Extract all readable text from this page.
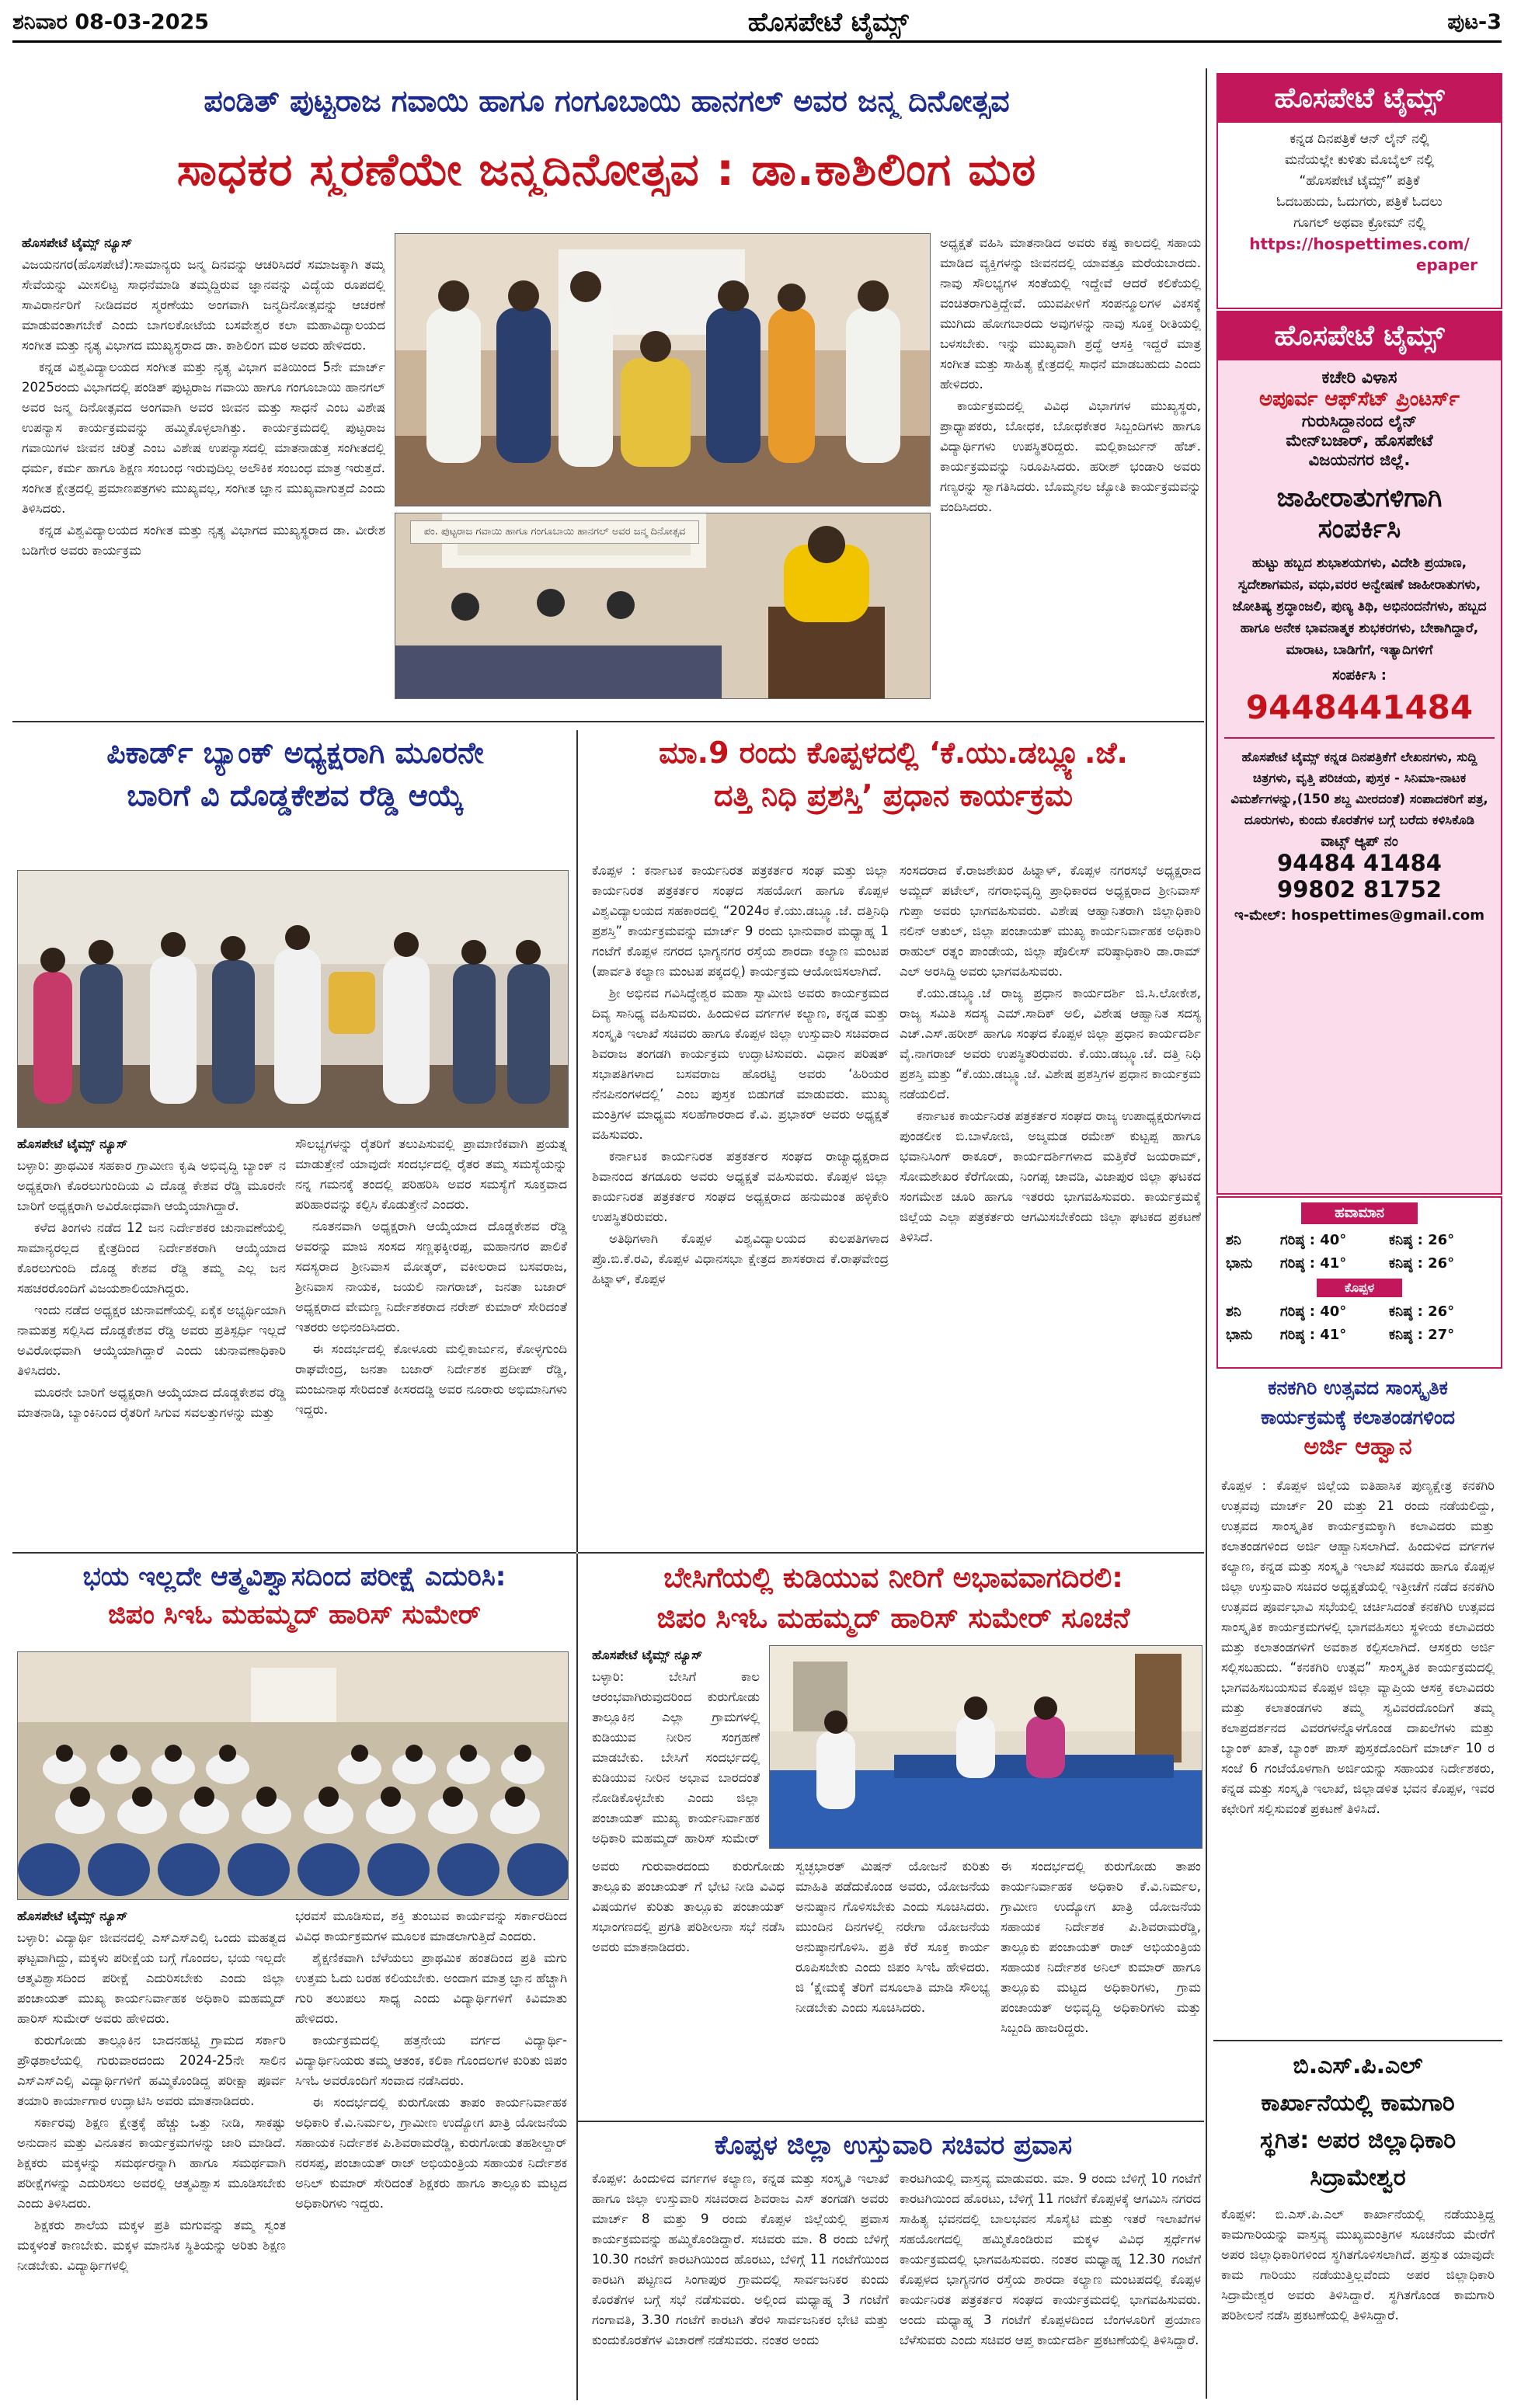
ಶನಿವಾರ 08-03-2025	ಹೊಸಪೇಟೆ ಟೈಮ್ಸ್	ಪುಟ-3
ಪಂಡಿತ್ ಪುಟ್ಟರಾಜ ಗವಾಯಿ ಹಾಗೂ ಗಂಗೂಬಾಯಿ ಹಾನಗಲ್ ಅವರ ಜನ್ಮ ದಿನೋತ್ಸವ
ಸಾಧಕರ ಸ್ಮರಣೆಯೇ ಜನ್ಮದಿನೋತ್ಸವ : ಡಾ.ಕಾಶಿಲಿಂಗ ಮಠ

ಹೊಸಪೇಟೆ ಟೈಮ್ಸ್ ನ್ಯೂಸ್

ವಿಜಯನಗರ(ಹೊಸಪೇಟೆ):ಸಾಮಾನ್ಯರು ಜನ್ಮ ದಿನವನ್ನು ಆಚರಿಸಿದರೆ ಸಮಾಜಕ್ಕಾಗಿ ತಮ್ಮ ಸೇವೆಯನ್ನು ಮೀಸಲಿಟ್ಟ ಸಾಧನೆಮಾಡಿ ತಮ್ಮದ್ದಿರುವ ಜ್ಞಾನವನ್ನು ವಿದ್ಯೆಯ ರೂಪದಲ್ಲಿ ಸಾವಿರಾರ್ನರಿಗೆ ನೀಡಿದವರ ಸ್ಮರಣೆಯು ಅಂಗವಾಗಿ ಜನ್ಮದಿನೋತ್ಸವನ್ನು ಆಚರಣೆ ಮಾಡುವಂತಾಗಬೇಕೆ ಎಂದು ಬಾಗಲಕೋಟೆಯ ಬಸವೇಶ್ವರ ಕಲಾ ಮಹಾವಿದ್ಯಾಲಯದ ಸಂಗೀತ ಮತ್ತು ನೃತ್ಯ ವಿಭಾಗದ ಮುಖ್ಯಸ್ಥರಾದ ಡಾ. ಕಾಶಿಲಿಂಗ ಮಠ ಅವರು ಹೇಳಿದರು.

ಕನ್ನಡ ವಿಶ್ವವಿದ್ಯಾಲಯದ ಸಂಗೀತ ಮತ್ತು ನೃತ್ಯ ವಿಭಾಗ ವತಿಯಿಂದ 5ನೇ ಮಾರ್ಚ್ 2025ರಂದು ವಿಭಾಗದಲ್ಲಿ ಪಂಡಿತ್ ಪುಟ್ಟರಾಜ ಗವಾಯಿ ಹಾಗೂ ಗಂಗೂಬಾಯಿ ಹಾನಗಲ್ ಅವರ ಜನ್ಮ ದಿನೋತ್ಸವದ ಅಂಗವಾಗಿ ಅವರ ಜೀವನ ಮತ್ತು ಸಾಧನೆ ಎಂಬ ವಿಶೇಷ ಉಪನ್ಯಾಸ ಕಾರ್ಯಕ್ರಮವನ್ನು ಹಮ್ಮಿಕೊಳ್ಳಲಾಗಿತ್ತು. ಕಾರ್ಯಕ್ರಮದಲ್ಲಿ ಪುಟ್ಟರಾಜ ಗವಾಯಿಗಳ ಜೀವನ ಚರಿತ್ರೆ ಎಂಬ ವಿಶೇಷ ಉಪನ್ಯಾಸದಲ್ಲಿ ಮಾತನಾಡುತ್ತ ಸಂಗೀತದಲ್ಲಿ ಧರ್ಮ, ಕರ್ಮ ಹಾಗೂ ಶಿಕ್ಷಣ ಸಂಬಂಧ ಇರುವುದಿಲ್ಲ ಅಲೌಕಿಕ ಸಂಬಂಧ ಮಾತ್ರ ಇರುತ್ತದೆ. ಸಂಗೀತ ಕ್ಷೇತ್ರದಲ್ಲಿ ಪ್ರಮಾಣಪತ್ರಗಳು ಮುಖ್ಯವಲ್ಲ, ಸಂಗೀತ ಜ್ಞಾನ ಮುಖ್ಯವಾಗುತ್ತದೆ ಎಂದು ತಿಳಿಸಿದರು.

ಕನ್ನಡ ವಿಶ್ವವಿದ್ಯಾಲಯದ ಸಂಗೀತ ಮತ್ತು ನೃತ್ಯ ವಿಭಾಗದ ಮುಖ್ಯಸ್ಥರಾದ ಡಾ. ವೀರೇಶ ಬಡಿಗೇರ ಅವರು ಕಾರ್ಯಕ್ರಮ

ಪಂ. ಪುಟ್ಟರಾಜ ಗವಾಯಿ ಹಾಗೂ ಗಂಗೂಬಾಯಿ ಹಾನಗಲ್ ಅವರ ಜನ್ಮ ದಿನೋತ್ಸವ

ಅಧ್ಯಕ್ಷತೆ ವಹಿಸಿ ಮಾತನಾಡಿದ ಅವರು ಕಷ್ಟ ಕಾಲದಲ್ಲಿ ಸಹಾಯ ಮಾಡಿದ ವ್ಯಕ್ತಿಗಳನ್ನು ಜೀವನದಲ್ಲಿ ಯಾವತ್ತೂ ಮರೆಯಬಾರದು. ನಾವು ಸೌಲಭ್ಯಗಳ ಸಂತೆಯಲ್ಲಿ ಇದ್ದೇವೆ ಆದರೆ ಕಲಿಕೆಯಲ್ಲಿ ವಂಚಿತರಾಗುತ್ತಿದ್ದೇವೆ. ಯುವಪೀಳಿಗೆ ಸಂಪನ್ಮೂಲಗಳ ವಿಕಸಕ್ಕೆ ಮುಗಿದು ಹೋಗಬಾರದು ಅವುಗಳನ್ನು ನಾವು ಸೂಕ್ತ ರೀತಿಯಲ್ಲಿ ಬಳಸಬೇಕು. ಇನ್ನು ಮುಖ್ಯವಾಗಿ ಶ್ರದ್ಧೆ ಆಸಕ್ತಿ ಇದ್ದರೆ ಮಾತ್ರ ಸಂಗೀತ ಮತ್ತು ಸಾಹಿತ್ಯ ಕ್ಷೇತ್ರದಲ್ಲಿ ಸಾಧನೆ ಮಾಡಬಹುದು ಎಂದು ಹೇಳಿದರು.

ಕಾರ್ಯಕ್ರಮದಲ್ಲಿ ವಿವಿಧ ವಿಭಾಗಗಳ ಮುಖ್ಯಸ್ಥರು, ಪ್ರಾಧ್ಯಾಪಕರು, ಬೋಧಕ, ಬೋಧಕೇತರ ಸಿಬ್ಬಂದಿಗಳು ಹಾಗೂ ವಿದ್ಯಾರ್ಥಿಗಳು ಉಪಸ್ಥಿತರಿದ್ದರು. ಮಲ್ಲಿಕಾರ್ಜುನ್ ಹೆಚ್. ಕಾರ್ಯಕ್ರಮವನ್ನು ನಿರೂಪಿಸಿದರು. ಹರೀಶ್ ಭಂಡಾರಿ ಅವರು ಗಣ್ಯರನ್ನು ಸ್ವಾಗತಿಸಿದರು. ಬೊಮ್ಮನಲ ಜ್ಯೋತಿ ಕಾರ್ಯಕ್ರಮವನ್ನು ವಂದಿಸಿದರು.

ಪಿಕಾರ್ಡ್ ಬ್ಯಾಂಕ್ ಅಧ್ಯಕ್ಷರಾಗಿ ಮೂರನೇ
ಬಾರಿಗೆ ವಿ ದೊಡ್ಡಕೇಶವ ರೆಡ್ಡಿ ಆಯ್ಕೆ

ಹೊಸಪೇಟೆ ಟೈಮ್ಸ್ ನ್ಯೂಸ್

ಬಳ್ಳಾರಿ: ಪ್ರಾಥಮಿಕ ಸಹಕಾರ ಗ್ರಾಮೀಣ ಕೃಷಿ ಅಭಿವೃದ್ಧಿ ಬ್ಯಾಂಕ್ ನ ಅಧ್ಯಕ್ಷರಾಗಿ ಕೊರಲುಗುಂದಿಯ ವಿ ದೊಡ್ಡ ಕೇಶವ ರೆಡ್ಡಿ ಮೂರನೇ ಬಾರಿಗೆ ಅಧ್ಯಕ್ಷರಾಗಿ ಅವಿರೋಧವಾಗಿ ಆಯ್ಕೆಯಾಗಿದ್ದಾರೆ.

ಕಳೆದ ತಿಂಗಳು ನಡೆದ 12 ಜನ ನಿರ್ದೇಶಕರ ಚುನಾವಣೆಯಲ್ಲಿ ಸಾಮಾನ್ಯರಲ್ಲದ ಕ್ಷೇತ್ರದಿಂದ ನಿರ್ದೇಶಕರಾಗಿ ಆಯ್ಕೆಯಾದ ಕೊರಲುಗುಂದಿ ದೊಡ್ಡ ಕೇಶವ ರೆಡ್ಡಿ ತಮ್ಮ ಎಲ್ಲ ಜನ ಸಹಚರರೊಂದಿಗೆ ವಿಜಯಶಾಲಿಯಾಗಿದ್ದರು.

ಇಂದು ನಡೆದ ಅಧ್ಯಕ್ಷರ ಚುನಾವಣೆಯಲ್ಲಿ ಏಕೈಕ ಅಭ್ಯರ್ಥಿಯಾಗಿ ನಾಮಪತ್ರ ಸಲ್ಲಿಸಿದ ದೊಡ್ಡಕೇಶವ ರೆಡ್ಡಿ ಅವರು ಪ್ರತಿಸ್ಪರ್ಧಿ ಇಲ್ಲದೆ ಅವಿರೋಧವಾಗಿ ಆಯ್ಕೆಯಾಗಿದ್ದಾರೆ ಎಂದು ಚುನಾವಣಾಧಿಕಾರಿ ತಿಳಿಸಿದರು.

ಮೂರನೇ ಬಾರಿಗೆ ಅಧ್ಯಕ್ಷರಾಗಿ ಆಯ್ಕೆಯಾದ ದೊಡ್ಡಕೇಶವ ರೆಡ್ಡಿ ಮಾತನಾಡಿ, ಬ್ಯಾಂಕಿನಿಂದ ರೈತರಿಗೆ ಸಿಗುವ ಸವಲತ್ತುಗಳನ್ನು ಮತ್ತು

ಸೌಲಭ್ಯಗಳನ್ನು ರೈತರಿಗೆ ತಲುಪಿಸುವಲ್ಲಿ ಪ್ರಾಮಾಣಿಕವಾಗಿ ಪ್ರಯತ್ನ ಮಾಡುತ್ತೇನೆ ಯಾವುದೇ ಸಂದರ್ಭದಲ್ಲಿ ರೈತರ ತಮ್ಮ ಸಮಸ್ಯೆಯನ್ನು ನನ್ನ ಗಮನಕ್ಕೆ ತಂದಲ್ಲಿ ಪರಿಹರಿಸಿ ಅವರ ಸಮಸ್ಯೆಗೆ ಸೂಕ್ತವಾದ ಪರಿಹಾರವನ್ನು ಕಲ್ಪಿಸಿ ಕೊಡುತ್ತೇನೆ ಎಂದರು.

ನೂತನವಾಗಿ ಅಧ್ಯಕ್ಷರಾಗಿ ಆಯ್ಕೆಯಾದ ದೊಡ್ಡಕೇಶವ ರೆಡ್ಡಿ ಅವರನ್ನು ಮಾಜಿ ಸಂಸದ ಸಣ್ಣಫಕ್ಕೀರಪ್ಪ, ಮಹಾನಗರ ಪಾಲಿಕೆ ಸದಸ್ಯರಾದ ಶ್ರೀನಿವಾಸ ಮೋತ್ಕರ್, ವಕೀಲರಾದ ಬಸವರಾಜ, ಶ್ರೀನಿವಾಸ ನಾಯಕ, ಜಯಲಿ ನಾಗರಾಜ್, ಜನತಾ ಬಜಾರ್ ಅಧ್ಯಕ್ಷರಾದ ವೇಮಣ್ಣ ನಿರ್ದೇಶಕರಾದ ನರೇಶ್ ಕುಮಾರ್ ಸೇರಿದಂತೆ ಇತರರು ಅಭಿನಂದಿಸಿದರು.

ಈ ಸಂದರ್ಭದಲ್ಲಿ ಕೋಳೂರು ಮಲ್ಲಿಕಾರ್ಜುನ, ಕೋಳ್ಳಗುಂದಿ ರಾಘವೇಂದ್ರ, ಜನತಾ ಬಜಾರ್ ನಿರ್ದೇಶಕ ಪ್ರದೀಪ್ ರೆಡ್ಡಿ, ಮಂಜುನಾಥ ಸೇರಿದಂತೆ ಕೀಸರದಡ್ಡಿ ಅವರ ನೂರಾರು ಅಭಿಮಾನಿಗಳು ಇದ್ದರು.

ಮಾ.9 ರಂದು ಕೊಪ್ಪಳದಲ್ಲಿ ‘ಕೆ.ಯು.ಡಬ್ಲ್ಯೂ.ಜೆ.
ದತ್ತಿ ನಿಧಿ ಪ್ರಶಸ್ತಿ’ ಪ್ರಧಾನ ಕಾರ್ಯಕ್ರಮ

ಕೊಪ್ಪಳ : ಕರ್ನಾಟಕ ಕಾರ್ಯನಿರತ ಪತ್ರಕರ್ತರ ಸಂಘ ಮತ್ತು ಜಿಲ್ಲಾ ಕಾರ್ಯನಿರತ ಪತ್ರಕರ್ತರ ಸಂಘದ ಸಹಯೋಗ ಹಾಗೂ ಕೊಪ್ಪಳ ವಿಶ್ವವಿದ್ಯಾಲಯದ ಸಹಕಾರದಲ್ಲಿ “2024ರ ಕೆ.ಯು.ಡಬ್ಲ್ಯೂ.ಜೆ. ದತ್ತಿನಿಧಿ ಪ್ರಶಸ್ತಿ” ಕಾರ್ಯಕ್ರಮವನ್ನು ಮಾರ್ಚ್ 9 ರಂದು ಭಾನುವಾರ ಮಧ್ಯಾಹ್ನ 1 ಗಂಟೆಗೆ ಕೊಪ್ಪಳ ನಗರದ ಭಾಗ್ಯನಗರ ರಸ್ತೆಯ ಶಾರದಾ ಕಲ್ಯಾಣ ಮಂಟಪ (ಪಾರ್ವತಿ ಕಲ್ಯಾಣ ಮಂಟಪ ಪಕ್ಕದಲ್ಲಿ) ಕಾರ್ಯಕ್ರಮ ಆಯೋಜಿಸಲಾಗಿದೆ.

ಶ್ರೀ ಅಭಿನವ ಗವಿಸಿದ್ಧೇಶ್ವರ ಮಹಾ ಸ್ವಾಮೀಜಿ ಅವರು ಕಾರ್ಯಕ್ರಮದ ದಿವ್ಯ ಸಾನಿಧ್ಯ ವಹಿಸುವರು. ಹಿಂದುಳಿದ ವರ್ಗಗಳ ಕಲ್ಯಾಣ, ಕನ್ನಡ ಮತ್ತು ಸಂಸ್ಕೃತಿ ಇಲಾಖೆ ಸಚಿವರು ಹಾಗೂ ಕೊಪ್ಪಳ ಜಿಲ್ಲಾ ಉಸ್ತುವಾರಿ ಸಚಿವರಾದ ಶಿವರಾಜ ತಂಗಡಗಿ ಕಾರ್ಯಕ್ರಮ ಉದ್ಘಾಟಿಸುವರು. ವಿಧಾನ ಪರಿಷತ್ ಸಭಾಪತಿಗಳಾದ ಬಸವರಾಜ ಹೊರಟ್ಟಿ ಅವರು ‘ಹಿರಿಯರ ನೆನಪಿನಂಗಳದಲ್ಲಿ’ ಎಂಬ ಪುಸ್ತಕ ಬಿಡುಗಡೆ ಮಾಡುವರು. ಮುಖ್ಯ ಮಂತ್ರಿಗಳ ಮಾಧ್ಯಮ ಸಲಹೆಗಾರರಾದ ಕೆ.ವಿ. ಪ್ರಭಾಕರ್ ಅವರು ಅಧ್ಯಕ್ಷತೆ ವಹಿಸುವರು.

ಕರ್ನಾಟಕ ಕಾರ್ಯನಿರತ ಪತ್ರಕರ್ತರ ಸಂಘದ ರಾಜ್ಯಾಧ್ಯಕ್ಷರಾದ ಶಿವಾನಂದ ತಗಡೂರು ಅವರು ಅಧ್ಯಕ್ಷತೆ ವಹಿಸುವರು. ಕೊಪ್ಪಳ ಜಿಲ್ಲಾ ಕಾರ್ಯನಿರತ ಪತ್ರಕರ್ತರ ಸಂಘದ ಅಧ್ಯಕ್ಷರಾದ ಹನುಮಂತ ಹಳ್ಳಿಕೇರಿ ಉಪಸ್ಥಿತರಿರುವರು.

ಅತಿಥಿಗಳಾಗಿ ಕೊಪ್ಪಳ ವಿಶ್ವವಿದ್ಯಾಲಯದ ಕುಲಪತಿಗಳಾದ ಪ್ರೊ.ಬಿ.ಕೆ.ರವಿ, ಕೊಪ್ಪಳ ವಿಧಾನಸಭಾ ಕ್ಷೇತ್ರದ ಶಾಸಕರಾದ ಕೆ.ರಾಘವೇಂದ್ರ ಹಿಟ್ನಾಳ್, ಕೊಪ್ಪಳ

ಸಂಸದರಾದ ಕೆ.ರಾಜಶೇಖರ ಹಿಟ್ನಾಳ್, ಕೊಪ್ಪಳ ನಗರಸಭೆ ಅಧ್ಯಕ್ಷರಾದ ಅಮ್ಜದ್ ಪಟೇಲ್, ನಗರಾಭಿವೃದ್ಧಿ ಪ್ರಾಧಿಕಾರದ ಅಧ್ಯಕ್ಷರಾದ ಶ್ರೀನಿವಾಸ್ ಗುಪ್ತಾ ಅವರು ಭಾಗವಹಿಸುವರು. ವಿಶೇಷ ಆಹ್ವಾನಿತರಾಗಿ ಜಿಲ್ಲಾಧಿಕಾರಿ ನಲಿನ್ ಅತುಲ್, ಜಿಲ್ಲಾ ಪಂಚಾಯತ್ ಮುಖ್ಯ ಕಾರ್ಯನಿರ್ವಾಹಕ ಅಧಿಕಾರಿ ರಾಹುಲ್ ರತ್ನಂ ಪಾಂಡೇಯ, ಜಿಲ್ಲಾ ಪೊಲೀಸ್ ವರಿಷ್ಠಾಧಿಕಾರಿ ಡಾ.ರಾಮ್ ಎಲ್ ಅರಸಿದ್ದಿ ಅವರು ಭಾಗವಹಿಸುವರು.

ಕೆ.ಯು.ಡಬ್ಲ್ಯೂ.ಜೆ ರಾಜ್ಯ ಪ್ರಧಾನ ಕಾರ್ಯದರ್ಶಿ ಜಿ.ಸಿ.ಲೋಕೇಶ, ರಾಜ್ಯ ಸಮಿತಿ ಸದಸ್ಯ ಎಮ್.ಸಾದಿಕ್ ಅಲಿ, ವಿಶೇಷ ಆಹ್ವಾನಿತ ಸದಸ್ಯ ಎಚ್.ಎಸ್.ಹರೀಶ್ ಹಾಗೂ ಸಂಘದ ಕೊಪ್ಪಳ ಜಿಲ್ಲಾ ಪ್ರಧಾನ ಕಾರ್ಯದರ್ಶಿ ವೈ.ನಾಗರಾಜ್ ಅವರು ಉಪಸ್ಥಿತರಿರುವರು. ಕೆ.ಯು.ಡಬ್ಲ್ಯೂ.ಜೆ. ದತ್ತಿ ನಿಧಿ ಪ್ರಶಸ್ತಿ ಮತ್ತು “ಕೆ.ಯು.ಡಬ್ಲ್ಯೂ.ಜೆ. ವಿಶೇಷ ಪ್ರಶಸ್ತಿಗಳ ಪ್ರಧಾನ ಕಾರ್ಯಕ್ರಮ ನಡೆಯಲಿದೆ.

ಕರ್ನಾಟಕ ಕಾರ್ಯನಿರತ ಪತ್ರಕರ್ತರ ಸಂಘದ ರಾಜ್ಯ ಉಪಾಧ್ಯಕ್ಷರುಗಳಾದ ಪುಂಡಲೀಕ ಬಿ.ಬಾಳೋಜಿ, ಅಜ್ಮಮಡ ರಮೇಶ್ ಕುಟ್ಟಪ್ಪ ಹಾಗೂ ಭವಾನಿಸಿಂಗ್ ಠಾಕೂರ್, ಕಾರ್ಯದರ್ಶಿಗಳಾದ ಮತ್ತಿಕೆರೆ ಜಯರಾಮ್, ಸೋಮಶೇಖರ ಕೆರೆಗೋಡು, ನಿಂಗಪ್ಪ ಚಾವಡಿ, ವಿಜಾಪುರ ಜಿಲ್ಲಾ ಘಟಕದ ಸಂಗಮೇಶ ಚೂರಿ ಹಾಗೂ ಇತರರು ಭಾಗವಹಿಸುವರು. ಕಾರ್ಯಕ್ರಮಕ್ಕೆ ಜಿಲ್ಲೆಯ ಎಲ್ಲಾ ಪತ್ರಕರ್ತರು ಆಗಮಿಸಬೇಕೆಂದು ಜಿಲ್ಲಾ ಘಟಕದ ಪ್ರಕಟಣೆ ತಿಳಿಸಿದೆ.

ಭಯ ಇಲ್ಲದೇ ಆತ್ಮವಿಶ್ವಾಸದಿಂದ ಪರೀಕ್ಷೆ ಎದುರಿಸಿ:
ಜಿಪಂ ಸಿಇಓ ಮಹಮ್ಮದ್ ಹಾರಿಸ್ ಸುಮೇರ್

ಹೊಸಪೇಟೆ ಟೈಮ್ಸ್ ನ್ಯೂಸ್

ಬಳ್ಳಾರಿ: ವಿದ್ಯಾರ್ಥಿ ಜೀವನದಲ್ಲಿ ಎಸ್ಎಸ್ಎಲ್ಸಿ ಒಂದು ಮಹತ್ವದ ಘಟ್ಟವಾಗಿದ್ದು, ಮಕ್ಕಳು ಪರೀಕ್ಷೆಯ ಬಗ್ಗೆ ಗೊಂದಲ, ಭಯ ಇಲ್ಲದೇ ಆತ್ಮವಿಶ್ವಾಸದಿಂದ ಪರೀಕ್ಷೆ ಎದುರಿಸಬೇಕು ಎಂದು ಜಿಲ್ಲಾ ಪಂಚಾಯತ್ ಮುಖ್ಯ ಕಾರ್ಯನಿರ್ವಾಹಕ ಅಧಿಕಾರಿ ಮಹಮ್ಮದ್ ಹಾರಿಸ್ ಸುಮೇರ್ ಅವರು ಹೇಳಿದರು.

ಕುರುಗೋಡು ತಾಲ್ಲೂಕಿನ ಬಾದನಹಟ್ಟಿ ಗ್ರಾಮದ ಸರ್ಕಾರಿ ಪ್ರೌಢಶಾಲೆಯಲ್ಲಿ ಗುರುವಾರದಂದು 2024-25ನೇ ಸಾಲಿನ ಎಸ್ಎಸ್ಎಲ್ಸಿ ವಿದ್ಯಾರ್ಥಿಗಳಿಗೆ ಹಮ್ಮಿಕೊಂಡಿದ್ದ ಪರೀಕ್ಷಾ ಪೂರ್ವ ತಯಾರಿ ಕಾರ್ಯಾಗಾರ ಉದ್ಘಾಟಿಸಿ ಅವರು ಮಾತನಾಡಿದರು.

ಸರ್ಕಾರವು ಶಿಕ್ಷಣ ಕ್ಷೇತ್ರಕ್ಕೆ ಹೆಚ್ಚು ಒತ್ತು ನೀಡಿ, ಸಾಕಷ್ಟು ಅನುದಾನ ಮತ್ತು ವಿನೂತನ ಕಾರ್ಯಕ್ರಮಗಳನ್ನು ಜಾರಿ ಮಾಡಿದೆ. ಶಿಕ್ಷಕರು ಮಕ್ಕಳನ್ನು ಸಮರ್ಥರನ್ನಾಗಿ ಹಾಗೂ ಸಮರ್ಥವಾಗಿ ಪರೀಕ್ಷೆಗಳನ್ನು ಎದುರಿಸಲು ಅವರಲ್ಲಿ ಆತ್ಮವಿಶ್ವಾಸ ಮೂಡಿಸಬೇಕು ಎಂದು ತಿಳಿಸಿದರು.

ಶಿಕ್ಷಕರು ಶಾಲೆಯ ಮಕ್ಕಳ ಪ್ರತಿ ಮಗುವನ್ನು ತಮ್ಮ ಸ್ವಂತ ಮಕ್ಕಳಂತೆ ಕಾಣಬೇಕು. ಮಕ್ಕಳ ಮಾನಸಿಕ ಸ್ಥಿತಿಯನ್ನು ಅರಿತು ಶಿಕ್ಷಣ ನೀಡಬೇಕು. ವಿದ್ಯಾರ್ಥಿಗಳಲ್ಲಿ

ಭರವಸೆ ಮೂಡಿಸುವ, ಶಕ್ತಿ ತುಂಬುವ ಕಾರ್ಯವನ್ನು ಸರ್ಕಾರದಿಂದ ವಿವಿಧ ಕಾರ್ಯಕ್ರಮಗಳ ಮೂಲಕ ಮಾಡಲಾಗುತ್ತಿದೆ ಎಂದರು.

ಶೈಕ್ಷಣಿಕವಾಗಿ ಬೆಳೆಯಲು ಪ್ರಾಥಮಿಕ ಹಂತದಿಂದ ಪ್ರತಿ ಮಗು ಉತ್ತಮ ಓದು ಬರಹ ಕಲಿಯಬೇಕು. ಅಂದಾಗ ಮಾತ್ರ ಜ್ಞಾನ ಹೆಚ್ಚಾಗಿ ಗುರಿ ತಲುಪಲು ಸಾಧ್ಯ ಎಂದು ವಿದ್ಯಾರ್ಥಿಗಳಿಗೆ ಕಿವಿಮಾತು ಹೇಳಿದರು.

ಕಾರ್ಯಕ್ರಮದಲ್ಲಿ ಹತ್ತನೇಯ ವರ್ಗದ ವಿದ್ಯಾರ್ಥಿ-ವಿದ್ಯಾರ್ಥಿನಿಯರು ತಮ್ಮ ಆತಂಕ, ಕಲಿಕಾ ಗೊಂದಲಗಳ ಕುರಿತು ಜಿಪಂ ಸಿಇಓ ಅವರೊಂದಿಗೆ ಸಂವಾದ ನಡೆಸಿದರು.

ಈ ಸಂದರ್ಭದಲ್ಲಿ ಕುರುಗೋಡು ತಾಪಂ ಕಾರ್ಯನಿರ್ವಾಹಕ ಅಧಿಕಾರಿ ಕೆ.ವಿ.ನಿರ್ಮಲ, ಗ್ರಾಮೀಣ ಉದ್ಯೋಗ ಖಾತ್ರಿ ಯೋಜನೆಯ ಸಹಾಯಕ ನಿರ್ದೇಶಕ ಪಿ.ಶಿವರಾಮರೆಡ್ಡಿ, ಕುರುಗೋಡು ತಹಶೀಲ್ದಾರ್ ನರಸಪ್ಪ, ಪಂಚಾಯತ್ ರಾಜ್ ಅಭಿಯಂತ್ರಿಯ ಸಹಾಯಕ ನಿರ್ದೇಶಕ ಅನಿಲ್ ಕುಮಾರ್ ಸೇರಿದಂತೆ ಶಿಕ್ಷಕರು ಹಾಗೂ ತಾಲ್ಲೂಕು ಮಟ್ಟದ ಅಧಿಕಾರಿಗಳು ಇದ್ದರು.

ಬೇಸಿಗೆಯಲ್ಲಿ ಕುಡಿಯುವ ನೀರಿಗೆ ಅಭಾವವಾಗದಿರಲಿ:
ಜಿಪಂ ಸಿಇಓ ಮಹಮ್ಮದ್ ಹಾರಿಸ್ ಸುಮೇರ್ ಸೂಚನೆ

ಹೊಸಪೇಟೆ ಟೈಮ್ಸ್ ನ್ಯೂಸ್

ಬಳ್ಳಾರಿ: ಬೇಸಿಗೆ ಕಾಲ ಆರಂಭವಾಗಿರುವುದರಿಂದ ಕುರುಗೋಡು ತಾಲ್ಲೂಕಿನ ಎಲ್ಲಾ ಗ್ರಾಮಗಳಲ್ಲಿ ಕುಡಿಯುವ ನೀರಿನ ಸಂಗ್ರಹಣೆ ಮಾಡಬೇಕು. ಬೇಸಿಗೆ ಸಂದರ್ಭದಲ್ಲಿ ಕುಡಿಯುವ ನೀರಿನ ಅಭಾವ ಬಾರದಂತೆ ನೋಡಿಕೊಳ್ಳಬೇಕು ಎಂದು ಜಿಲ್ಲಾ ಪಂಚಾಯತ್ ಮುಖ್ಯ ಕಾರ್ಯನಿರ್ವಾಹಕ ಅಧಿಕಾರಿ ಮಹಮ್ಮದ್ ಹಾರಿಸ್ ಸುಮೇರ್

ಅವರು ಗುರುವಾರದಂದು ಕುರುಗೋಡು ತಾಲ್ಲೂಕು ಪಂಚಾಯತ್ ಗೆ ಭೇಟಿ ನೀಡಿ ವಿವಿಧ ವಿಷಯಗಳ ಕುರಿತು ತಾಲ್ಲೂಕು ಪಂಚಾಯತ್ ಸಭಾಂಗಣದಲ್ಲಿ ಪ್ರಗತಿ ಪರಿಶೀಲನಾ ಸಭೆ ನಡೆಸಿ ಅವರು ಮಾತನಾಡಿದರು.

ಸ್ವಚ್ಛಭಾರತ್ ಮಿಷನ್ ಯೋಜನೆ ಕುರಿತು ಮಾಹಿತಿ ಪಡೆದುಕೊಂಡ ಅವರು, ಯೋಜನೆಯ ಅನುಷ್ಠಾನ ಗೊಳಿಸಬೇಕು ಎಂದು ಸೂಚಿಸಿದರು. ಮುಂದಿನ ದಿನಗಳಲ್ಲಿ ನರೇಗಾ ಯೋಜನೆಯ ಅನುಷ್ಠಾನಗೊಳಿಸಿ. ಪ್ರತಿ ಕೆರೆ ಸೂಕ್ತ ಕಾರ್ಯ ರೂಪಿಸಬೇಕು ಎಂದು ಜಿಪಂ ಸಿಇಓ ಹೇಳಿದರು. ಜಿ ‘ಕ್ಷೇಮಕ್ಕೆ ತೆರಿಗೆ ವಸೂಲಾತಿ ಮಾಡಿ ಸೌಲಭ್ಯ ನೀಡಬೇಕು ಎಂದು ಸೂಚಿಸಿದರು.

ಈ ಸಂದರ್ಭದಲ್ಲಿ ಕುರುಗೋಡು ತಾಪಂ ಕಾರ್ಯನಿರ್ವಾಹಕ ಅಧಿಕಾರಿ ಕೆ.ವಿ.ನಿರ್ಮಲ, ಗ್ರಾಮೀಣ ಉದ್ಯೋಗ ಖಾತ್ರಿ ಯೋಜನೆಯ ಸಹಾಯಕ ನಿರ್ದೇಶಕ ಪಿ.ಶಿವರಾಮರೆಡ್ಡಿ, ತಾಲ್ಲೂಕು ಪಂಚಾಯತ್ ರಾಜ್ ಅಭಿಯಂತ್ರಿಯ ಸಹಾಯಕ ನಿರ್ದೇಶಕ ಅನಿಲ್ ಕುಮಾರ್ ಹಾಗೂ ತಾಲ್ಲೂಕು ಮಟ್ಟದ ಅಧಿಕಾರಿಗಳು, ಗ್ರಾಮ ಪಂಚಾಯತ್ ಅಭಿವೃದ್ಧಿ ಅಧಿಕಾರಿಗಳು ಮತ್ತು ಸಿಬ್ಬಂದಿ ಹಾಜರಿದ್ದರು.

ಕೊಪ್ಪಳ ಜಿಲ್ಲಾ ಉಸ್ತುವಾರಿ ಸಚಿವರ ಪ್ರವಾಸ

ಕೊಪ್ಪಳ: ಹಿಂದುಳಿದ ವರ್ಗಗಳ ಕಲ್ಯಾಣ, ಕನ್ನಡ ಮತ್ತು ಸಂಸ್ಕೃತಿ ಇಲಾಖೆ ಹಾಗೂ ಜಿಲ್ಲಾ ಉಸ್ತುವಾರಿ ಸಚಿವರಾದ ಶಿವರಾಜ ಎಸ್ ತಂಗಡಗಿ ಅವರು ಮಾರ್ಚ್ 8 ಮತ್ತು 9 ರಂದು ಕೊಪ್ಪಳ ಜಿಲ್ಲೆಯಲ್ಲಿ ಪ್ರವಾಸ ಕಾರ್ಯಕ್ರಮವನ್ನು ಹಮ್ಮಿಕೊಂಡಿದ್ದಾರೆ. ಸಚಿವರು ಮಾ. 8 ರಂದು ಬೆಳಿಗ್ಗೆ 10.30 ಗಂಟೆಗೆ ಕಾರಟಗಿಯಿಂದ ಹೊರಟು, ಬೆಳಿಗ್ಗೆ 11 ಗಂಟೆಗೆಯಿಂದ ಕಾರಟಗಿ ಪಟ್ಟಣದ ಸಿಂಗಾಪುರ ಗ್ರಾಮದಲ್ಲಿ ಸಾರ್ವಜನಿಕರ ಕುಂದು ಕೊರತೆಗಳ ಬಗ್ಗೆ ಸಭೆ ನಡೆಸುವರು. ಅಲ್ಲಿಂದ ಮಧ್ಯಾಹ್ನ 3 ಗಂಟೆಗೆ ಗಂಗಾವತಿ, 3.30 ಗಂಟೆಗೆ ಕಾರಟಗಿ ತೆರಳಿ ಸಾರ್ವಜನಿಕರ ಭೇಟಿ ಮತ್ತು ಕುಂದುಕೊರತೆಗಳ ವಿಚಾರಣೆ ನಡೆಸುವರು. ನಂತರ ಅಂದು

ಕಾರಟಗಿಯಲ್ಲಿ ವಾಸ್ತವ್ಯ ಮಾಡುವರು. ಮಾ. 9 ರಂದು ಬೆಳಿಗ್ಗೆ 10 ಗಂಟೆಗೆ ಕಾರಟಗಿಯಿಂದ ಹೊರಟು, ಬೆಳಿಗ್ಗೆ 11 ಗಂಟೆಗೆ ಕೊಪ್ಪಳಕ್ಕೆ ಆಗಮಿಸಿ ನಗರದ ಸಾಹಿತ್ಯ ಭವನದಲ್ಲಿ ಬಾಲಭವನ ಸೊಸೈಟಿ ಮತ್ತು ಇತರೆ ಇಲಾಖೆಗಳ ಸಹಯೋಗದಲ್ಲಿ ಹಮ್ಮಿಕೊಂಡಿರುವ ಮಕ್ಕಳ ವಿವಿಧ ಸ್ಪರ್ಧೆಗಳ ಕಾರ್ಯಕ್ರಮದಲ್ಲಿ ಭಾಗವಹಿಸುವರು. ನಂತರ ಮಧ್ಯಾಹ್ನ 12.30 ಗಂಟೆಗೆ ಕೊಪ್ಪಳದ ಭಾಗ್ಯನಗರ ರಸ್ತೆಯ ಶಾರದಾ ಕಲ್ಯಾಣ ಮಂಟಪದಲ್ಲಿ ಕೊಪ್ಪಳ ಕಾರ್ಯನಿರತ ಪತ್ರಕರ್ತರ ಸಂಘದ ಕಾರ್ಯಕ್ರಮದಲ್ಲಿ ಭಾಗವಹಿಸುವರು. ಅಂದು ಮಧ್ಯಾಹ್ನ 3 ಗಂಟೆಗೆ ಕೊಪ್ಪಳದಿಂದ ಬೆಂಗಳೂರಿಗೆ ಪ್ರಯಾಣ ಬೆಳೆಸುವರು ಎಂದು ಸಚಿವರ ಆಪ್ತ ಕಾರ್ಯದರ್ಶಿ ಪ್ರಕಟಣೆಯಲ್ಲಿ ತಿಳಿಸಿದ್ದಾರೆ.

ಹೊಸಪೇಟೆ ಟೈಮ್ಸ್
ಕನ್ನಡ ದಿನಪತ್ರಿಕೆ ಆನ್ ಲೈನ್ ನಲ್ಲಿ
ಮನೆಯಲ್ಲೇ ಕುಳಿತು ಮೊಬೈಲ್ ನಲ್ಲಿ
“ಹೊಸಪೇಟೆ ಟೈಮ್ಸ್” ಪತ್ರಿಕೆ
ಓದಬಹುದು, ಓದುಗರು, ಪತ್ರಿಕೆ ಓದಲು
ಗೂಗಲ್ ಅಥವಾ ಕ್ರೋಮ್ ನಲ್ಲಿ
https://hospettimes.com/
epaper
ಹೊಸಪೇಟೆ ಟೈಮ್ಸ್
ಕಚೇರಿ ವಿಳಾಸ
ಅಪೂರ್ವ ಆಫ್‌ಸೆಟ್ ಪ್ರಿಂಟರ್ಸ್
ಗುರುಸಿದ್ದಾನಂದ ಲೈನ್
ಮೇನ್‌ಬಜಾರ್, ಹೊಸಪೇಟೆ
ವಿಜಯನಗರ ಜಿಲ್ಲೆ.
ಜಾಹೀರಾತುಗಳಿಗಾಗಿ
ಸಂಪರ್ಕಿಸಿ
ಹುಟ್ಟು ಹಬ್ಬದ ಶುಭಾಶಯಗಳು, ವಿದೇಶಿ ಪ್ರಯಾಣ, ಸ್ವದೇಶಾಗಮನ, ವಧು,ವರರ ಅನ್ವೇಷಣೆ ಜಾಹೀರಾತುಗಳು, ಜೋತಿಷ್ಯ ಶ್ರದ್ಧಾಂಜಲಿ, ಪುಣ್ಯ ತಿಥಿ, ಅಭಿನಂದನೆಗಳು, ಹಬ್ಬದ ಹಾಗೂ ಅನೇಕ ಭಾವನಾತ್ಮಕ ಶುಭಕರಗಳು, ಬೇಕಾಗಿದ್ದಾರೆ, ಮಾರಾಟ, ಬಾಡಿಗೆಗೆ, ಇತ್ಯಾದಿಗಳಿಗೆ
ಸಂಪರ್ಕಿಸಿ :
9448441484
ಹೊಸಪೇಟೆ ಟೈಮ್ಸ್ ಕನ್ನಡ ದಿನಪತ್ರಿಕೆಗೆ ಲೇಖನಗಳು, ಸುದ್ದಿ ಚಿತ್ರಗಳು, ವೃತ್ತಿ ಪರಿಚಯ, ಪುಸ್ತಕ - ಸಿನಿಮಾ-ನಾಟಕ ವಿಮರ್ಶೆಗಳನ್ನು,(150 ಶಬ್ದ ಮೀರದಂತೆ) ಸಂಪಾದಕರಿಗೆ ಪತ್ರ, ದೂರುಗಳು, ಕುಂದು ಕೊರತೆಗಳ ಬಗ್ಗೆ ಬರೆದು ಕಳಿಸಿಕೊಡಿ
ವಾಟ್ಸ್ ಆ್ಯಪ್ ನಂ
94484 41484
99802 81752
ಇ-ಮೇಲ್: hospettimes@gmail.com
ಹವಾಮಾನ
ಶನಿ	ಗರಿಷ್ಠ : 40°	ಕನಿಷ್ಠ : 26°
ಭಾನು	ಗರಿಷ್ಠ : 41°	ಕನಿಷ್ಠ : 26°
ಕೊಪ್ಪಳ
ಶನಿ	ಗರಿಷ್ಠ : 40°	ಕನಿಷ್ಠ : 26°
ಭಾನು	ಗರಿಷ್ಠ : 41°	ಕನಿಷ್ಠ : 27°
ಕನಕಗಿರಿ ಉತ್ಸವದ ಸಾಂಸ್ಕೃತಿಕ
ಕಾರ್ಯಕ್ರಮಕ್ಕೆ ಕಲಾತಂಡಗಳಿಂದ
ಅರ್ಜಿ ಆಹ್ವಾನ

ಕೊಪ್ಪಳ : ಕೊಪ್ಪಳ ಜಿಲ್ಲೆಯ ಐತಿಹಾಸಿಕ ಪುಣ್ಯಕ್ಷೇತ್ರ ಕನಕಗಿರಿ ಉತ್ಸವವು ಮಾರ್ಚ್ 20 ಮತ್ತು 21 ರಂದು ನಡೆಯಲಿದ್ದು, ಉತ್ಸವದ ಸಾಂಸ್ಕೃತಿಕ ಕಾರ್ಯಕ್ರಮಕ್ಕಾಗಿ ಕಲಾವಿದರು ಮತ್ತು ಕಲಾತಂಡಗಳಿಂದ ಅರ್ಜಿ ಆಹ್ವಾನಿಸಲಾಗಿದೆ. ಹಿಂದುಳಿದ ವರ್ಗಗಳ ಕಲ್ಯಾಣ, ಕನ್ನಡ ಮತ್ತು ಸಂಸ್ಕೃತಿ ಇಲಾಖೆ ಸಚಿವರು ಹಾಗೂ ಕೊಪ್ಪಳ ಜಿಲ್ಲಾ ಉಸ್ತುವಾರಿ ಸಚಿವರ ಅಧ್ಯಕ್ಷತೆಯಲ್ಲಿ ಇತ್ತೀಚೆಗೆ ನಡೆದ ಕನಕಗಿರಿ ಉತ್ಸವದ ಪೂರ್ವಭಾವಿ ಸಭೆಯಲ್ಲಿ ಚರ್ಚಿಸಿದಂತೆ ಕನಕಗಿರಿ ಉತ್ಸವದ ಸಾಂಸ್ಕೃತಿಕ ಕಾರ್ಯಕ್ರಮಗಳಲ್ಲಿ ಭಾಗವಹಿಸಲು ಸ್ಥಳೀಯ ಕಲಾವಿದರು ಮತ್ತು ಕಲಾತಂಡಗಳಿಗೆ ಅವಕಾಶ ಕಲ್ಪಿಸಲಾಗಿದೆ. ಆಸಕ್ತರು ಅರ್ಜಿ ಸಲ್ಲಿಸಬಹುದು. “ಕನಕಗಿರಿ ಉತ್ಸವ” ಸಾಂಸ್ಕೃತಿಕ ಕಾರ್ಯಕ್ರಮದಲ್ಲಿ ಭಾಗವಹಿಸಬಯಸುವ ಕೊಪ್ಪಳ ಜಿಲ್ಲಾ ವ್ಯಾಪ್ತಿಯ ಆಸಕ್ತ ಕಲಾವಿದರು ಮತ್ತು ಕಲಾತಂಡಗಳು ತಮ್ಮ ಸ್ವವಿವರದೊಂದಿಗೆ ತಮ್ಮ ಕಲಾಪ್ರದರ್ಶನದ ವಿವರಗಳನ್ನೊಳಗೊಂಡ ದಾಖಲೆಗಳು ಮತ್ತು ಬ್ಯಾಂಕ್ ಖಾತೆ, ಬ್ಯಾಂಕ್ ಪಾಸ್ ಪುಸ್ತಕದೊಂದಿಗೆ ಮಾರ್ಚ್ 10 ರ ಸಂಜೆ 6 ಗಂಟೆಯೊಳಗಾಗಿ ಅರ್ಜಿಯನ್ನು ಸಹಾಯಕ ನಿರ್ದೇಶಕರು, ಕನ್ನಡ ಮತ್ತು ಸಂಸ್ಕೃತಿ ಇಲಾಖೆ, ಜಿಲ್ಲಾಡಳಿತ ಭವನ ಕೊಪ್ಪಳ, ಇವರ ಕಛೇರಿಗೆ ಸಲ್ಲಿಸುವಂತೆ ಪ್ರಕಟಣೆ ತಿಳಿಸಿದೆ.

ಬಿ.ಎಸ್.ಪಿ.ಎಲ್
ಕಾರ್ಖಾನೆಯಲ್ಲಿ ಕಾಮಗಾರಿ
ಸ್ಥಗಿತ: ಅಪರ ಜಿಲ್ಲಾಧಿಕಾರಿ
ಸಿದ್ರಾಮೇಶ್ವರ

ಕೊಪ್ಪಳ: ಬಿ.ಎಸ್.ಪಿ.ಎಲ್ ಕಾರ್ಖಾನೆಯಲ್ಲಿ ನಡೆಯುತ್ತಿದ್ದ ಕಾಮಗಾರಿಯನ್ನು ವಾಸ್ತವ್ಯ ಮುಖ್ಯಮಂತ್ರಿಗಳ ಸೂಚನೆಯ ಮೇರೆಗೆ ಅಪರ ಜಿಲ್ಲಾಧಿಕಾರಿಗಳಿಂದ ಸ್ಥಗಿತಗೊಳಿಸಲಾಗಿದೆ. ಪ್ರಸ್ತುತ ಯಾವುದೇ ಕಾಮ ಗಾರಿಯು ನಡೆಯುತ್ತಿಲ್ಲವೆಂದು ಅಪರ ಜಿಲ್ಲಾಧಿಕಾರಿ ಸಿದ್ರಾಮೇಶ್ವರ ಅವರು ತಿಳಿಸಿದ್ದಾರೆ. ಸ್ಥಗಿತಗೊಂಡ ಕಾಮಗಾರಿ ಪರಿಶೀಲನೆ ನಡೆಸಿ ಪ್ರಕಟಣೆಯಲ್ಲಿ ತಿಳಿಸಿದ್ದಾರೆ.
